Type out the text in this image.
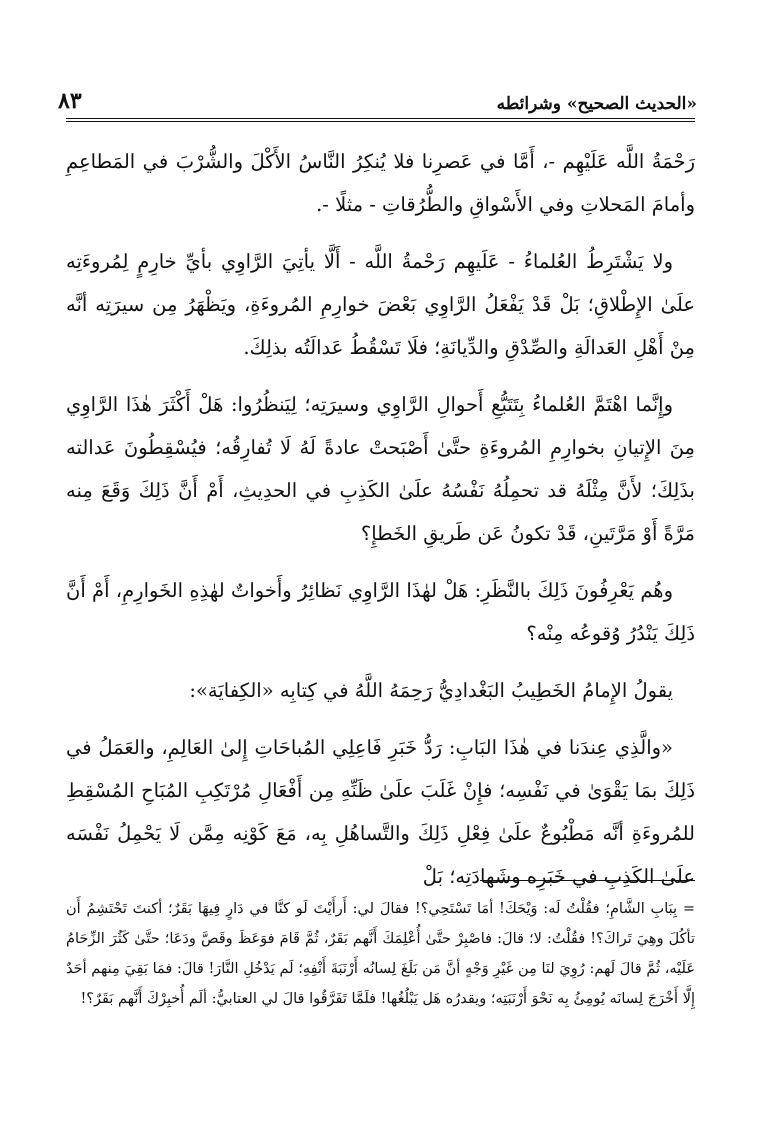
٨٣	«الحديث الصحيح» وشرائطه

رَحْمَةُ اللَّه عَلَيْهِم -، أَمَّا في عَصرِنا فلا يُنكِرُ النَّاسُ الأَكْلَ والشُّرْبَ في المَطاعِمِ وأمامَ المَحلاتِ وفي الأَسْواقِ والطُّرُقاتِ - مثلًا -.

ولا يَشْتَرِطُ العُلماءُ - عَلَيهِم رَحْمةُ اللَّه - أَلَّا يأتِيَ الرَّاوِي بأيِّ خارِمٍ لِمُروءَتِه علَىٰ الإِطْلاقِ؛ بَلْ قَدْ يَفْعَلُ الرَّاوِي بَعْضَ خوارِمِ المُروءَةِ، ويَظْهَرُ مِن سيرَتِه أنَّه مِنْ أَهْلِ العَدالَةِ والصِّدْقِ والدِّيانَةِ؛ فلَا تَسْقُطُ عَدالَتُه بذلِكَ.

وإِنَّما اهْتَمَّ العُلماءُ بِتَتَبُّعِ أَحوالِ الرَّاوِي وسيرَتِه؛ لِيَنظُرُوا: هَلْ أَكْثَرَ هٰذَا الرَّاوِي مِنَ الإِتيانِ بخوارِمِ المُروءَةِ حتَّىٰ أَصْبَحتْ عادةً لَهُ لَا تُفارِقُه؛ فيُسْقِطُونَ عَدالته بذَلِكَ؛ لأَنَّ مِثْلَهُ قد تحمِلُهُ نَفْسُهُ علَىٰ الكَذِبِ في الحدِيثِ، أَمْ أَنَّ ذَلِكَ وَقَعَ مِنه مَرَّةً أَوْ مَرَّتَينِ، قَدْ تكونُ عَن طَريقِ الخَطإِ؟

وهُم يَعْرِفُونَ ذَلِكَ بالنَّظَرِ: هَلْ لهٰذَا الرَّاوِي نَظائِرُ وأَخواتٌ لهٰذِهِ الخَوارِمِ، أَمْ أَنَّ ذَلِكَ يَنْدُرُ وُقوعُه مِنْه؟

يقولُ الإِمامُ الخَطِيبُ البَغْدادِيُّ رَحِمَهُ اللَّهُ في كِتابِه «الكِفايَة»:

«والَّذِي عِندَنا في هٰذَا البَابِ: رَدُّ خَبَرِ فَاعِلِي المُباحَاتِ إِلىٰ العَالِمِ، والعَمَلُ في ذَلِكَ بمَا يَقْوَىٰ في نَفْسِه؛ فإِنْ غَلَبَ علَىٰ ظَنِّهِ مِن أَفْعَالِ مُرْتَكِبِ المُبَاحِ المُسْقِطِ للمُروءَةِ أنَّه مَطْبُوعٌ علَىٰ فِعْلِ ذَلِكَ والتَّساهُلِ بِه، مَعَ كَوْنِه مِمَّن لَا يَحْمِلُ نَفْسَه علَىٰ الكَذِبِ في خَبَرِه وشَهادَتِه؛ بَلْ

= بِبَابِ الشَّامِ؛ فقُلْتُ لَه: وَيْحَكَ! أمَا تَسْتَحِي؟! فقالَ لي: أَرأَيْتَ لَو كنَّا في دَارٍ فِيهَا بَقَرٌ؛ أكنتَ تَحْتَشِمُ أَن تأكُلَ وهِيَ تَراكَ؟! فقُلْتُ: لا؛ قالَ: فاصْبِرْ حتَّىٰ أُعْلِمَكَ أَنَّهم بَقَرٌ، ثُمَّ قَامَ فوَعَظَ وقَصَّ ودَعَا؛ حتَّىٰ كَثُرَ الزِّحَامُ عَلَيْه، ثُمَّ قالَ لَهم: رُوِيَ لنَا مِن غَيْرِ وَجْهٍ أنَّ مَن بَلَغَ لِسانُه أَرْنَبَةَ أَنْفِهِ؛ لَم يَدْخُلِ النَّارَ! قالَ: فمَا بَقِيَ مِنهم أحَدٌ إِلَّا أَخْرَجَ لِسانَه يُومِئُ بِه نَحْوَ أَرْنَبَتِه؛ ويقدرُه هَل يَبْلُغُها! فلَمَّا تَفَرَّقُوا قالَ لي العتابيُّ: ألَم أُخبِرْكَ أَنَّهم بَقَرٌ؟!
